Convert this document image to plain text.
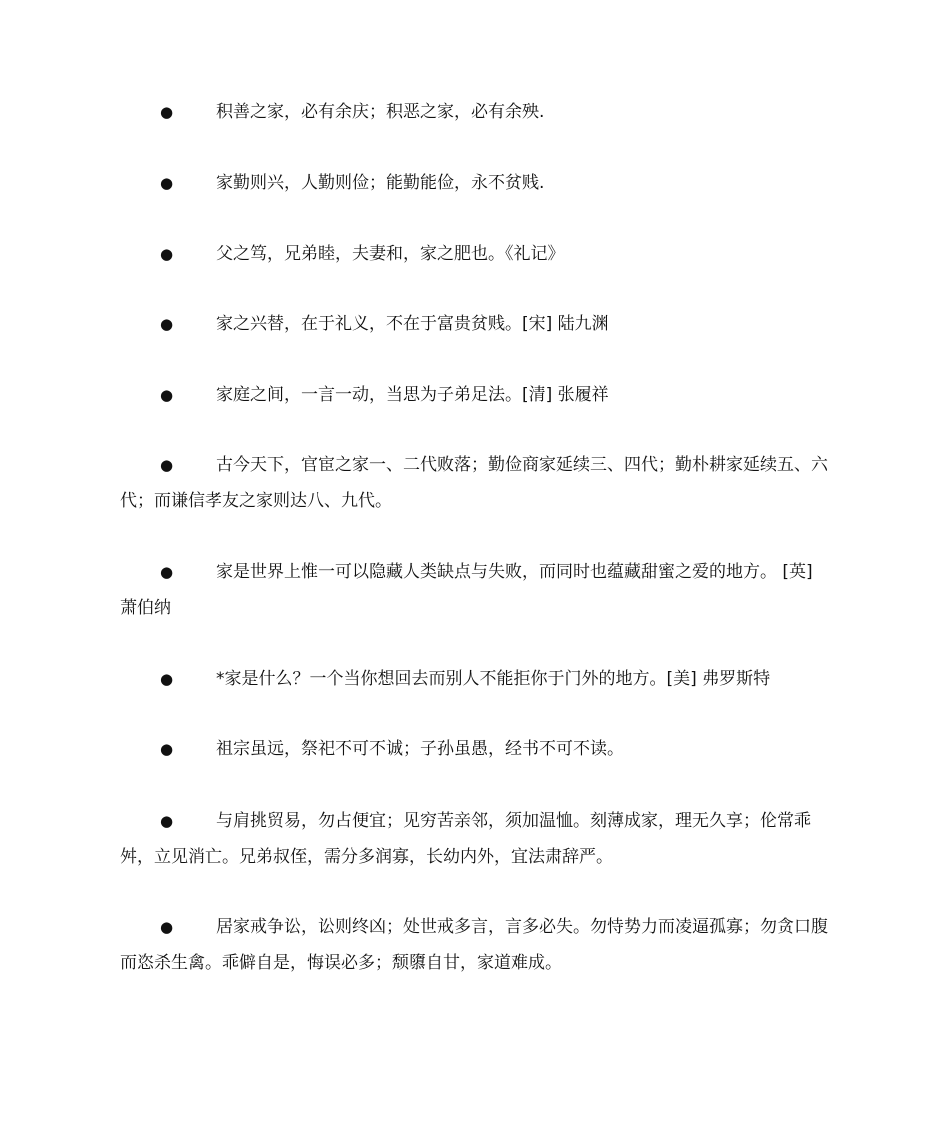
●	积善之家，必有余庆；积恶之家，必有余殃.

●	家勤则兴，人勤则俭；能勤能俭，永不贫贱.

●	父之笃，兄弟睦，夫妻和，家之肥也。《礼记》

●	家之兴替，在于礼义，不在于富贵贫贱。[宋] 陆九渊

●	家庭之间，一言一动，当思为子弟足法。[清] 张履祥

●	古今天下，官宦之家一、二代败落；勤俭商家延续三、四代；勤朴耕家延续五、六代；而谦信孝友之家则达八、九代。

●	家是世界上惟一可以隐藏人类缺点与失败，而同时也蕴藏甜蜜之爱的地方。 [英] 萧伯纳

●	*家是什么？一个当你想回去而别人不能拒你于门外的地方。[美] 弗罗斯特

●	祖宗虽远，祭祀不可不诚；子孙虽愚，经书不可不读。

●	与肩挑贸易，勿占便宜；见穷苦亲邻，须加温恤。刻薄成家，理无久享；伦常乖舛，立见消亡。兄弟叔侄，需分多润寡，长幼内外，宜法肃辞严。

●	居家戒争讼，讼则终凶；处世戒多言，言多必失。勿恃势力而凌逼孤寡；勿贪口腹而恣杀生禽。乖僻自是，悔误必多；颓隳自甘，家道难成。
